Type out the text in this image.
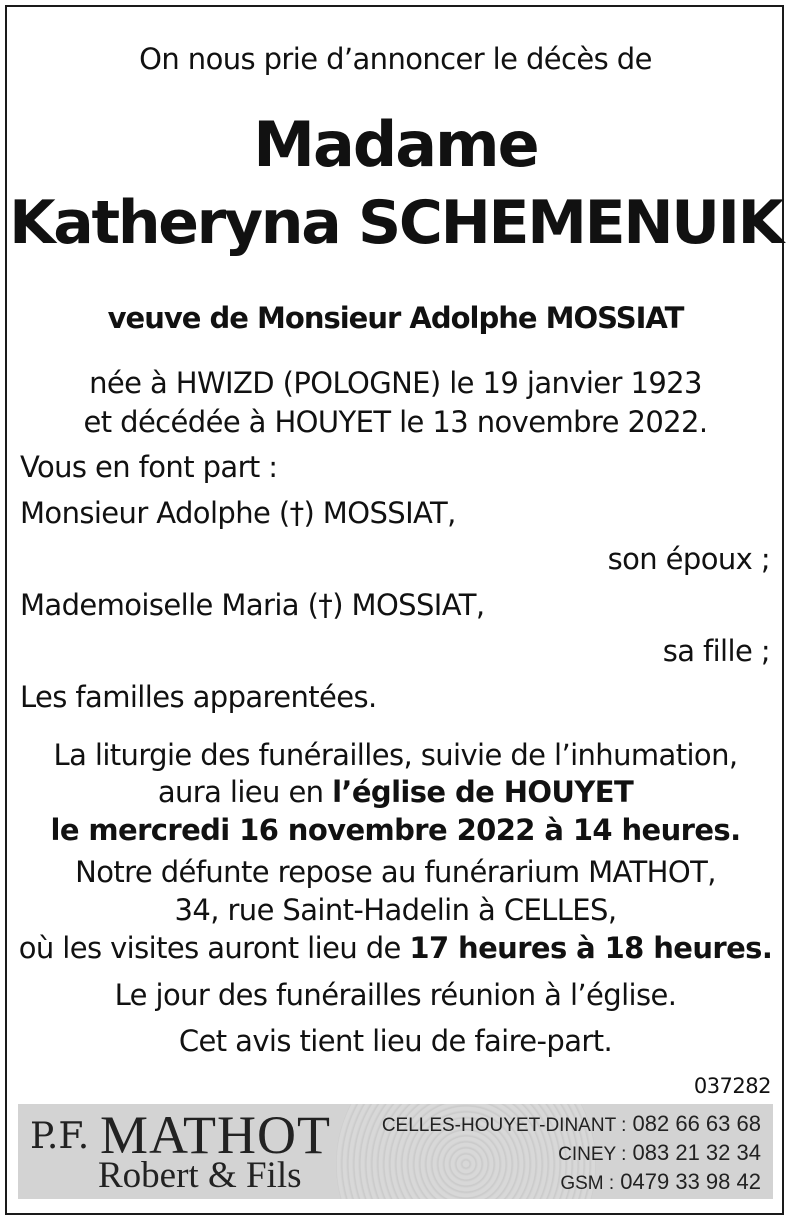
On nous prie d’annoncer le décès de
Madame
Katheryna SCHEMENUIK
veuve de Monsieur Adolphe MOSSIAT
née à HWIZD (POLOGNE) le 19 janvier 1923
et décédée à HOUYET le 13 novembre 2022.
Vous en font part :
Monsieur Adolphe (†) MOSSIAT,
son époux ;
Mademoiselle Maria (†) MOSSIAT,
sa fille ;
Les familles apparentées.
La liturgie des funérailles, suivie de l’inhumation,
aura lieu en l’église de HOUYET
le mercredi 16 novembre 2022 à 14 heures.
Notre défunte repose au funérarium MATHOT,
34, rue Saint-Hadelin à CELLES,
où les visites auront lieu de 17 heures à 18 heures.
Le jour des funérailles réunion à l’église.
Cet avis tient lieu de faire-part.
037282
P.F. MATHOT
Robert & Fils
CELLES-HOUYET-DINANT : 082 66 63 68
CINEY : 083 21 32 34
GSM : 0479 33 98 42
